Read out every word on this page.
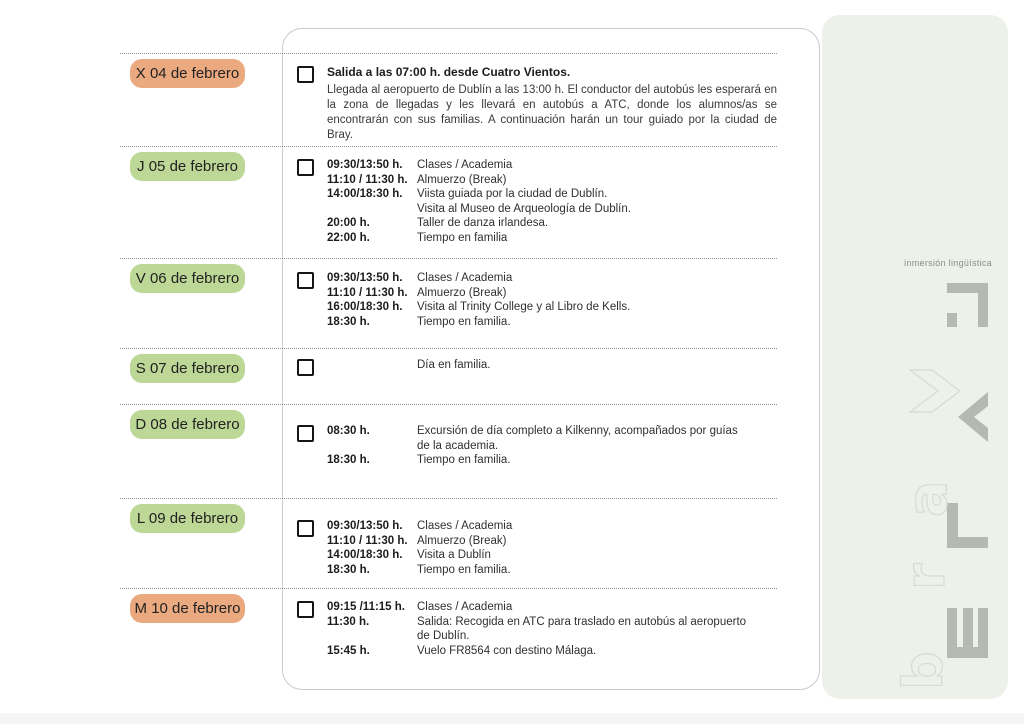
inmersión lingüística
a
r
b
X 04 de febrero	Salida a las 07:00 h. desde Cuatro Vientos.
Llegada al aeropuerto de Dublín a las 13:00 h. El conductor del autobús les esperará en la zona de llegadas y les llevará en autobús a ATC, donde los alumnos/as se encontrarán con sus familias. A continuación harán un tour guiado por la ciudad de Bray.
J 05 de febrero	09:30/13:50 h.	Clases / Academia
11:10 / 11:30 h. Almuerzo (Break)
14:00/18:30 h.	Viista guiada por la ciudad de Dublín.
Visita al Museo de Arqueología de Dublín.
20:00 h.	Taller de danza irlandesa.
22:00 h.	Tiempo en familia
V 06 de febrero	09:30/13:50 h.	Clases / Academia
11:10 / 11:30 h. Almuerzo (Break)
16:00/18:30 h.	Visita al Trinity College y al Libro de Kells.
18:30 h.	Tiempo en familia.
S 07 de febrero	Día en familia.
D 08 de febrero	08:30 h.	Excursión de día completo a Kilkenny, acompañados por guías
de la academia.
18:30 h.	Tiempo en familia.
L 09 de febrero	09:30/13:50 h.	Clases / Academia
11:10 / 11:30 h. Almuerzo (Break)
14:00/18:30 h.	Visita a Dublín
18:30 h.	Tiempo en familia.
M 10 de febrero	09:15 /11:15 h.	Clases / Academia
11:30 h.	Salida: Recogida en ATC para traslado en autobús al aeropuerto
de Dublín.
15:45 h.	Vuelo FR8564 con destino Málaga.
